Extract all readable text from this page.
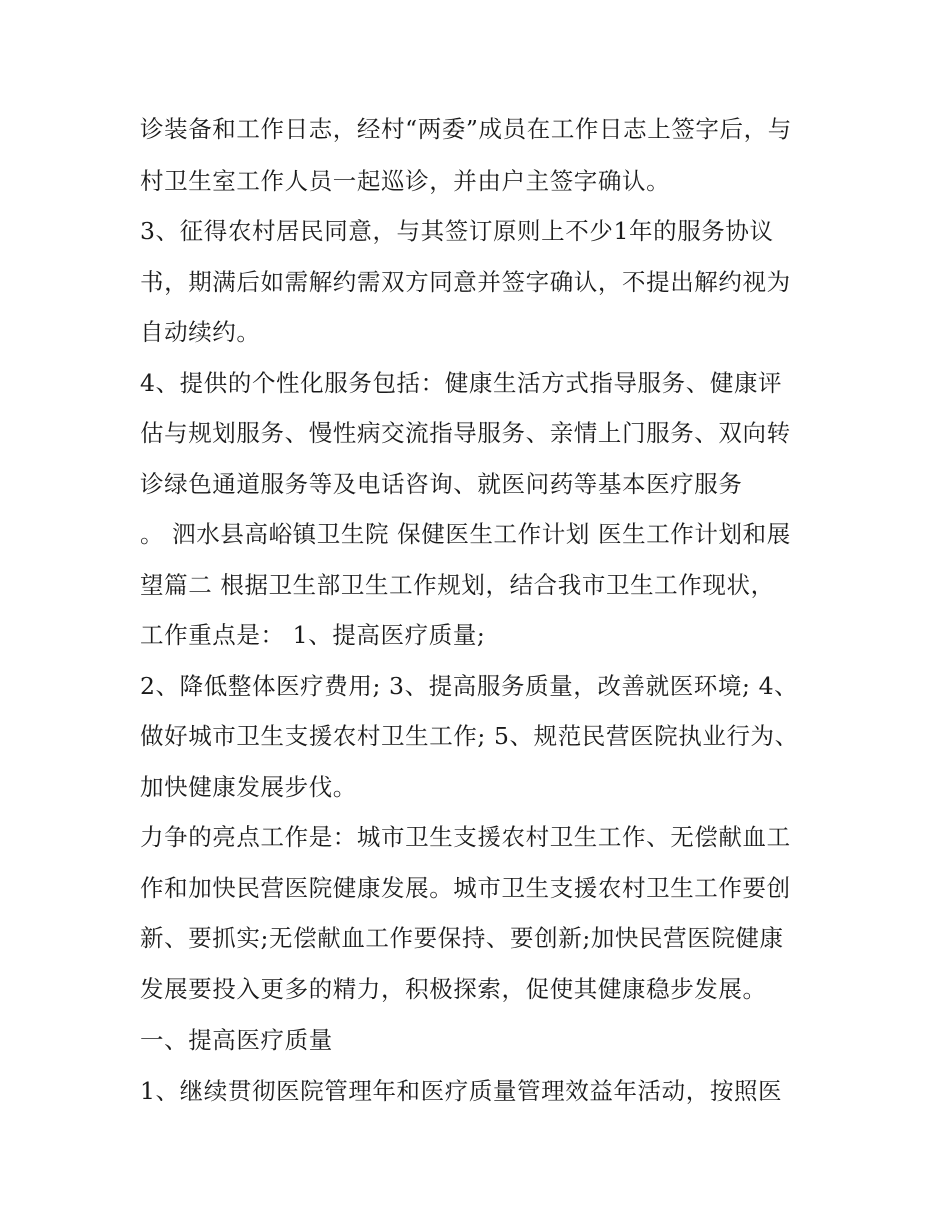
诊装备和工作日志，经村“两委”成员在工作日志上签字后，与
村卫生室工作人员一起巡诊，并由户主签字确认。
3、征得农村居民同意，与其签订原则上不少1年的服务协议
书，期满后如需解约需双方同意并签字确认，不提出解约视为
自动续约。
4、提供的个性化服务包括：健康生活方式指导服务、健康评
估与规划服务、慢性病交流指导服务、亲情上门服务、双向转
诊绿色通道服务等及电话咨询、就医问药等基本医疗服务
。 泗水县高峪镇卫生院 保健医生工作计划 医生工作计划和展
望篇二 根据卫生部卫生工作规划，结合我市卫生工作现状，
工作重点是： 1、提高医疗质量;
2、降低整体医疗费用; 3、提高服务质量，改善就医环境; 4、
做好城市卫生支援农村卫生工作; 5、规范民营医院执业行为、
加快健康发展步伐。
力争的亮点工作是：城市卫生支援农村卫生工作、无偿献血工
作和加快民营医院健康发展。城市卫生支援农村卫生工作要创
新、要抓实;无偿献血工作要保持、要创新;加快民营医院健康
发展要投入更多的精力，积极探索，促使其健康稳步发展。
一、提高医疗质量
1、继续贯彻医院管理年和医疗质量管理效益年活动，按照医
